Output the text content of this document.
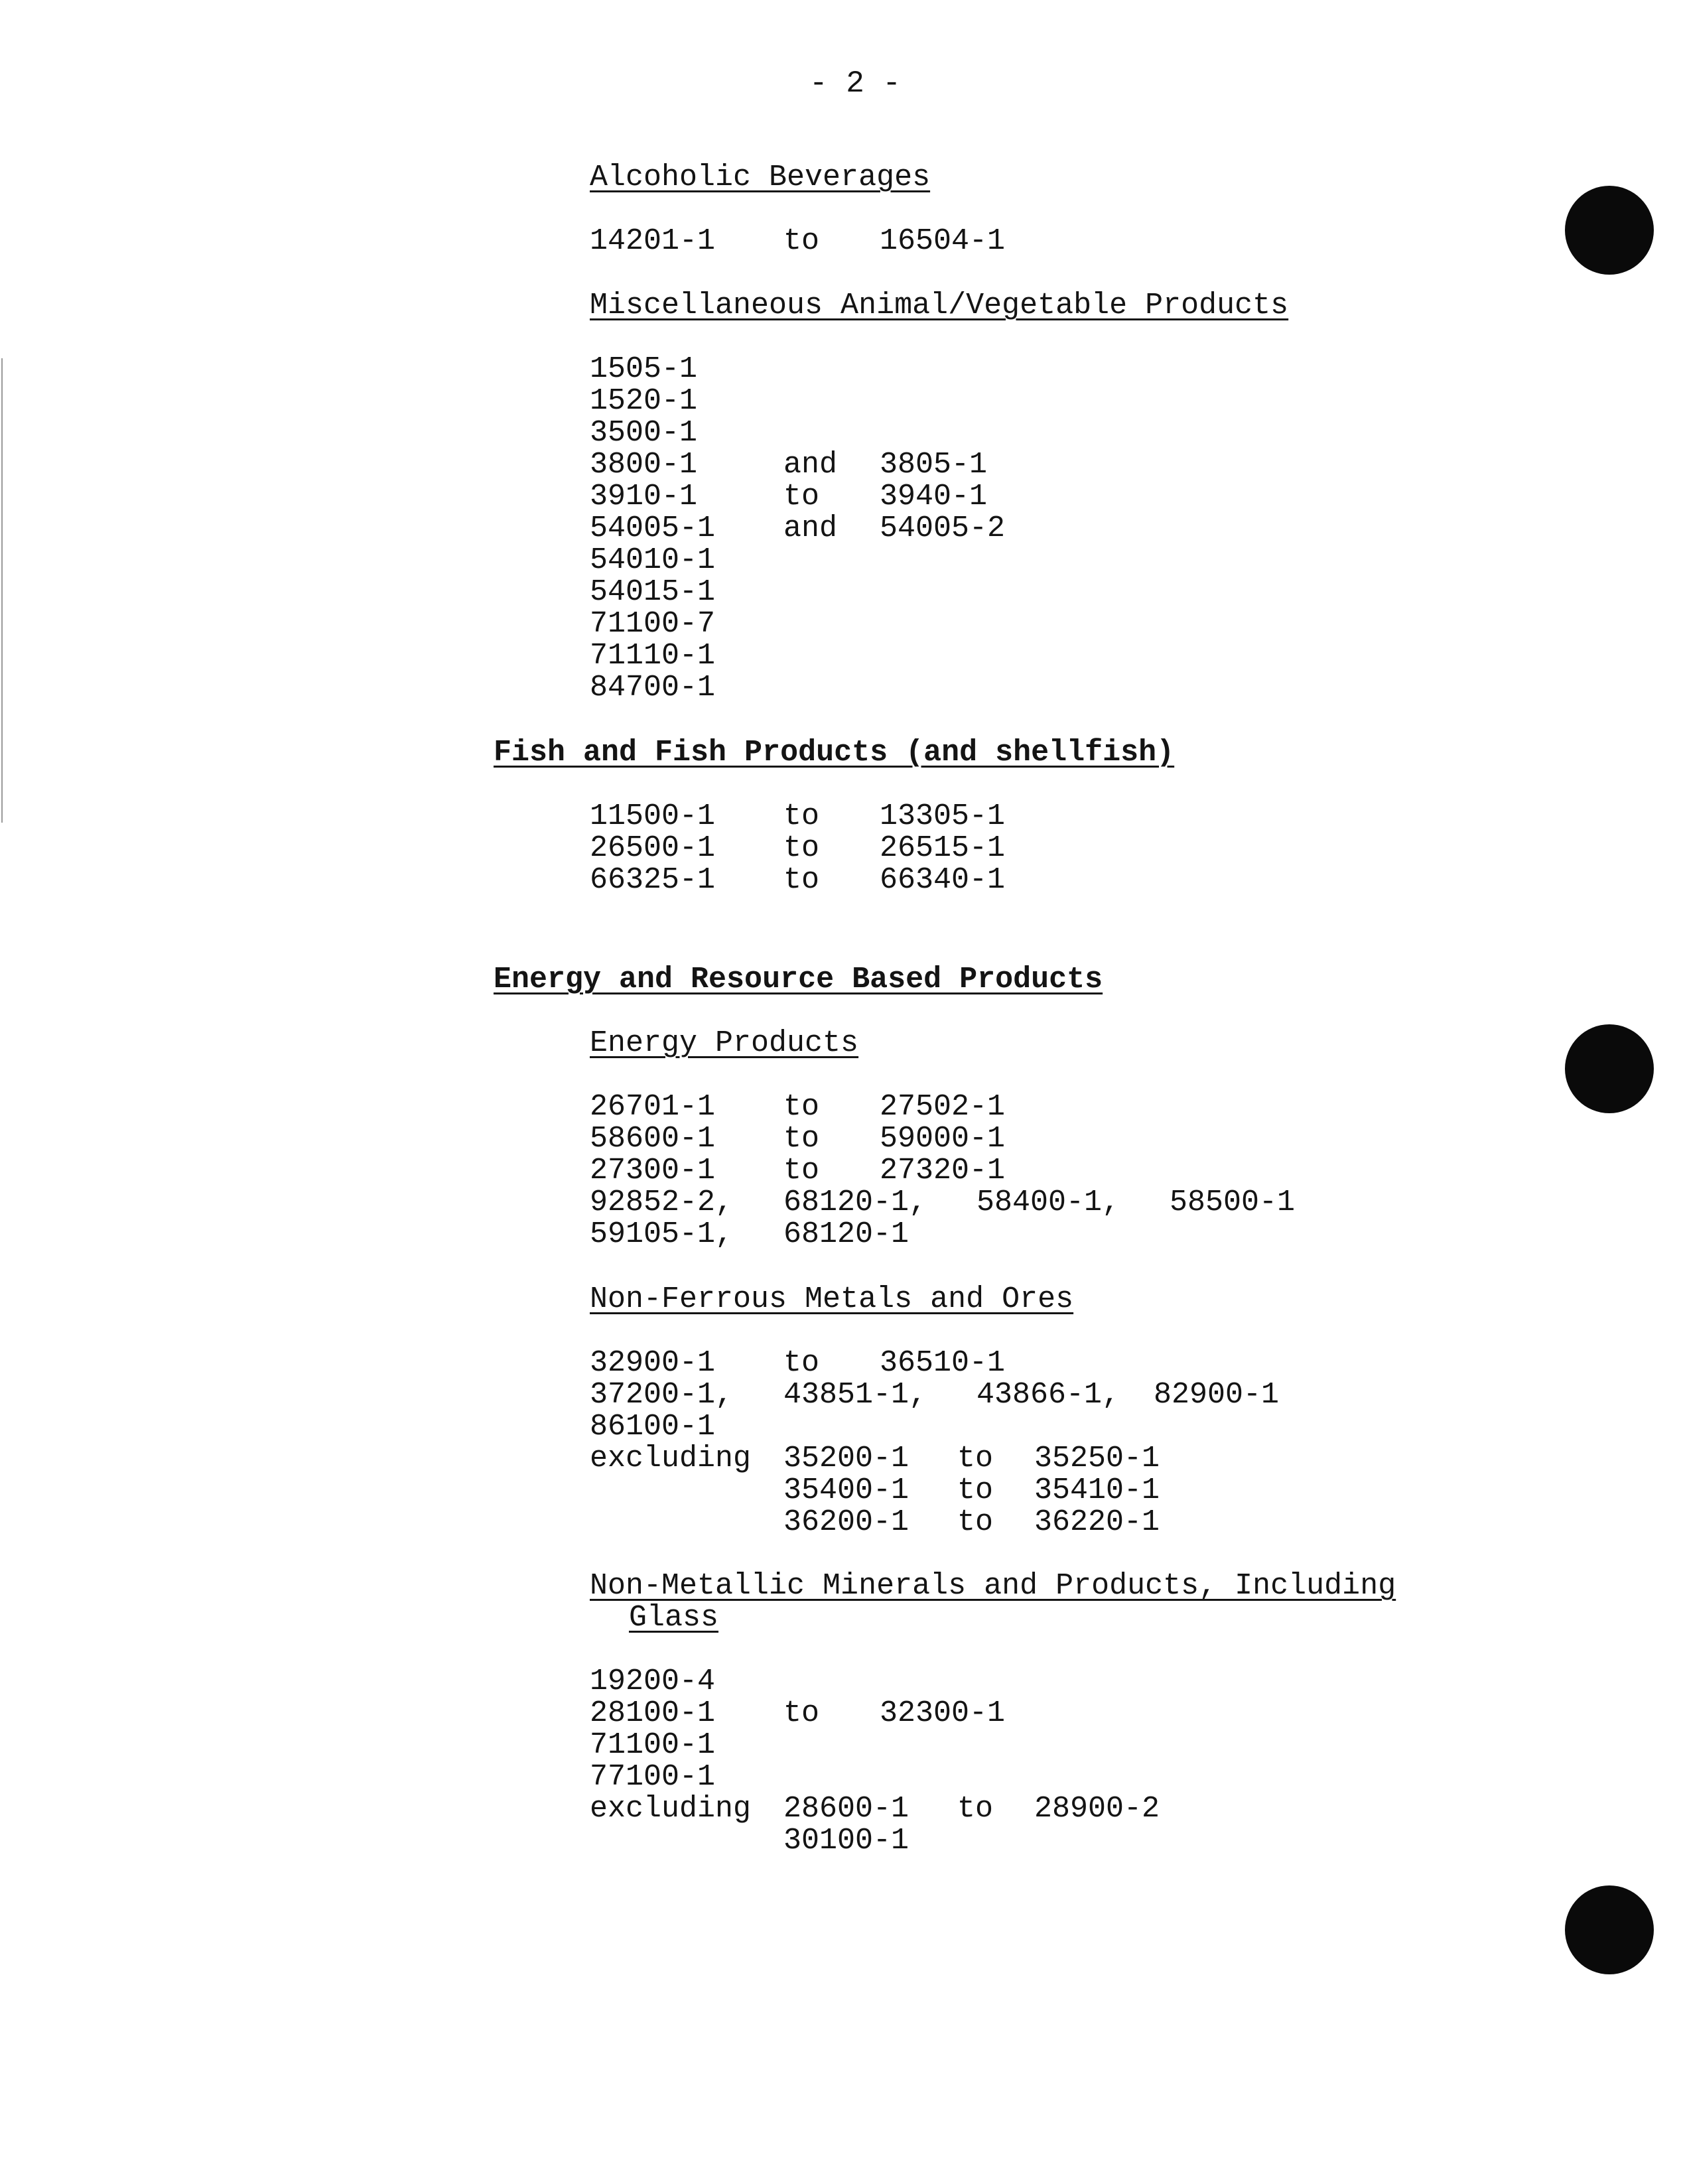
- 2 -
Alcoholic Beverages

14201-1

to

16504-1

Miscellaneous Animal/Vegetable Products

1505-1

1520-1

3500-1

3800-1

	and

3805-1

3910-1

	to

3940-1

54005-1

and

54005-2

54010-1

54015-1

71100-7

71110-1

84700-1

Fish and Fish Products (and shellfish)

11500-1

to

13305-1

26500-1

to

26515-1

66325-1

to

66340-1

Energy and Resource Based Products
Energy Products

26701-1

to

27502-1

58600-1

to

59000-1

27300-1

to

27320-1

92852-2,

68120-1,

58400-1,

58500-1

59105-1,

68120-1

Non-Ferrous Metals and Ores

32900-1

to

36510-1

37200-1,

43851-1,

43866-1,

82900-1

86100-1

excluding

35200-1

to

35250-1

35400-1

to

35410-1

36200-1

to

36220-1

Non-Metallic Minerals and Products, Including
Glass

19200-4

28100-1

to

32300-1

71100-1

77100-1

excluding

28600-1

to

28900-2

30100-1
